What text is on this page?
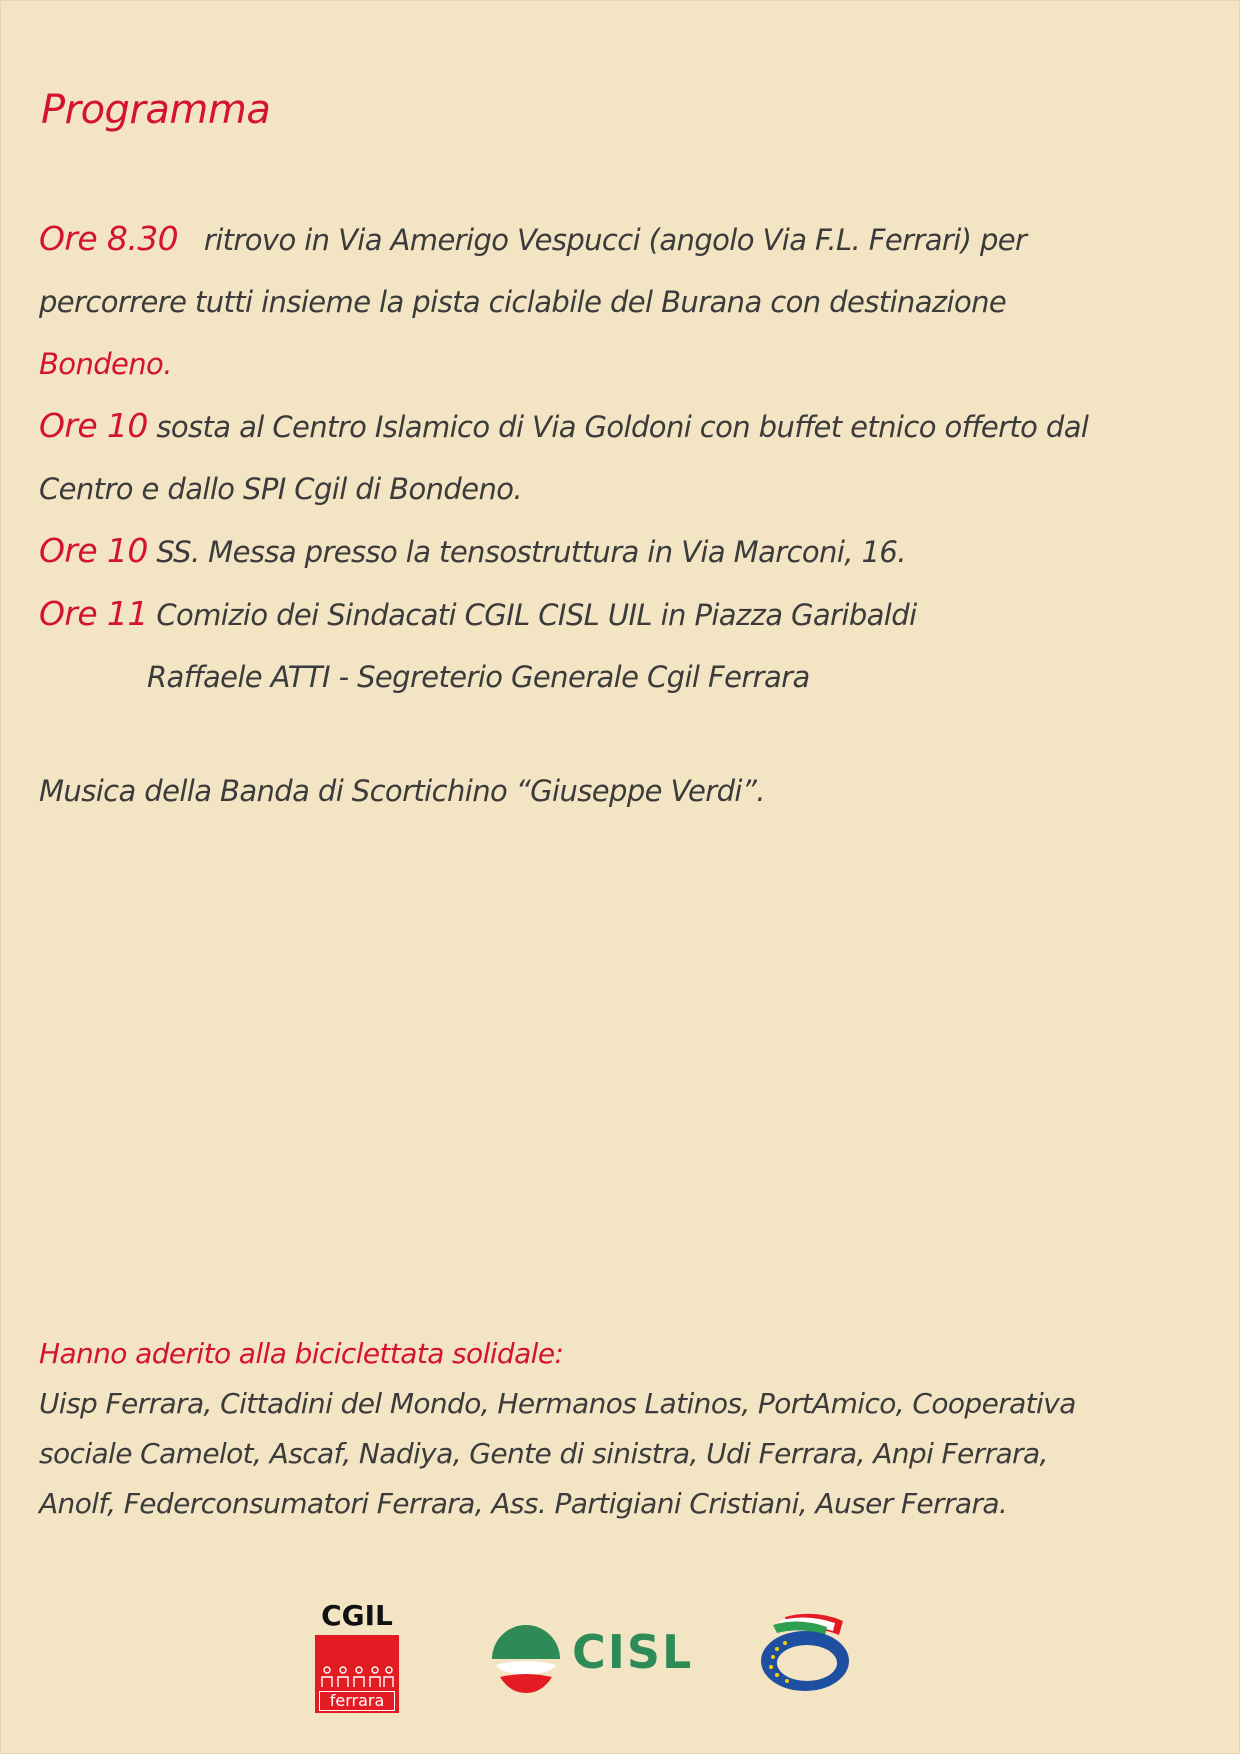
Programma

Ore 8.30 ritrovo in Via Amerigo Vespucci (angolo Via F.L. Ferrari) per

percorrere tutti insieme la pista ciclabile del Burana con destinazione

Bondeno.

Ore 10 sosta al Centro Islamico di Via Goldoni con buffet etnico offerto dal

Centro e dallo SPI Cgil di Bondeno.

Ore 10 SS. Messa presso la tensostruttura in Via Marconi, 16.

Ore 11 Comizio dei Sindacati CGIL CISL UIL in Piazza Garibaldi

Raffaele ATTI - Segreterio Generale Cgil Ferrara

Musica della Banda di Scortichino “Giuseppe Verdi”.

Hanno aderito alla biciclettata solidale:

Uisp Ferrara, Cittadini del Mondo, Hermanos Latinos, PortAmico, Cooperativa

sociale Camelot, Ascaf, Nadiya, Gente di sinistra, Udi Ferrara, Anpi Ferrara,

Anolf, Federconsumatori Ferrara, Ass. Partigiani Cristiani, Auser Ferrara.

CGIL
ferrara
CISL
